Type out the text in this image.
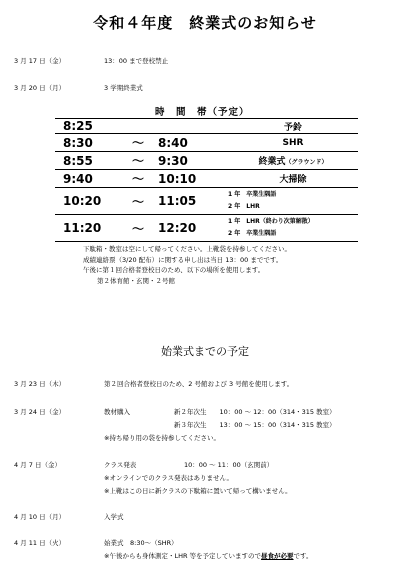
令和４年度　終業式のお知らせ
3 月 17 日（金）	13：00 まで登校禁止
3 月 20 日（月）	3 学期終業式
時　間　帯（予定）
8:25			予鈴
8:30	～	8:40	SHR
8:55	～	9:30	終業式（グラウンド）
9:40	～	10:10	大掃除
10:20	～	11:05	1 年　卒業生隅語
2 年　LHR

11:20	～	12:20	1 年　LHR（終わり次第解散）
2 年　卒業生隅語
下駄箱・教室は空にして帰ってください。上靴袋を持参してください。
成績連絡票（3/20 配布）に関する申し出は当日 13：00 までです。
午後に第１回合格者登校日のため、以下の場所を使用します。
第２体育館・玄関・２号館
始業式までの予定
3 月 23 日（木）	第２回合格者登校日のため、2 号館および 3 号館を使用します。
3 月 24 日（金）	教材購入	新２年次生　　10：00 ～ 12：00（314・315 教室）
新３年次生　　13：00 ～ 15：00（314・315 教室）
※持ち帰り用の袋を持参してください。
4 月 7 日（金）	クラス発表	10：00 ～ 11：00（玄関前）
※オンラインでのクラス発表はありません。
※上靴はこの日に新クラスの下駄箱に置いて帰って構いません。
4 月 10 日（月）	入学式
4 月 11 日（火）	始業式　8:30～（SHR）
※午後からも身体測定・LHR 等を予定していますので昼食が必要です。
